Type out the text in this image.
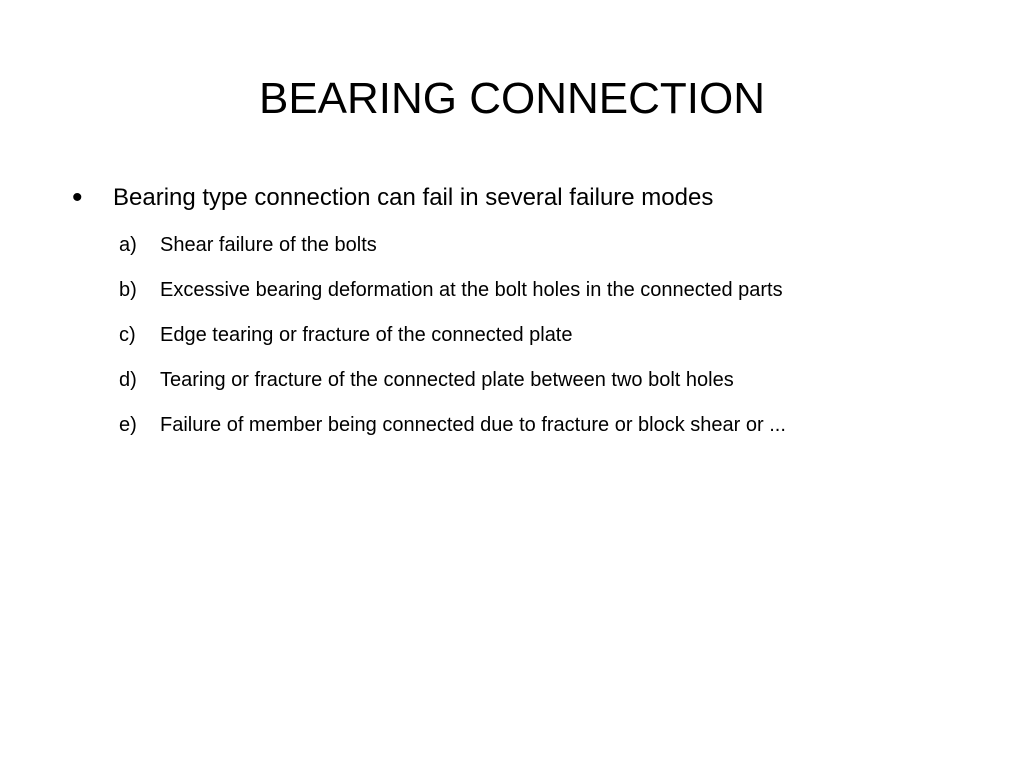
BEARING CONNECTION
•	Bearing type connection can fail in several failure modes
a)	Shear failure of the bolts
b)	Excessive bearing deformation at the bolt holes in the connected parts
c)	Edge tearing or fracture of the connected plate
d)	Tearing or fracture of the connected plate between two bolt holes
e)	Failure of member being connected due to fracture or block shear or ...
